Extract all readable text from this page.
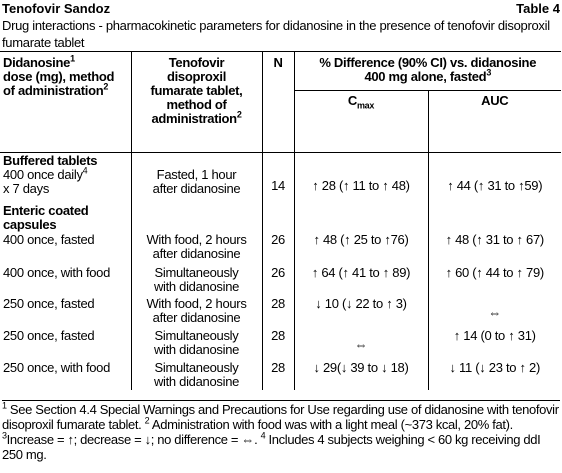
Tenofovir Sandoz	Table 4
Drug interactions - pharmacokinetic parameters for didanosine in the presence of tenofovir disoproxil fumarate tablet
Didanosine$^1$
dose (mg), method
of administration$^2$	Tenofovir
disoproxil
fumarate tablet,
method of
administration$^2$	N	% Difference (90% CI) vs. didanosine
400 mg alone, fasted$^3$
			$C_{max}$	AUC
Buffered tablets				
400 once daily$^4$
x 7 days	Fasted, 1 hour
after didanosine	14	↑ 28 (↑ 11 to ↑ 48)	↑ 44 (↑ 31 to ↑59)
Enteric coated
capsules				
400 once, fasted	With food, 2 hours
after didanosine	26	↑ 48 (↑ 25 to ↑76)	↑ 48 (↑ 31 to ↑ 67)
400 once, with food	Simultaneously
with didanosine	26	↑ 64 (↑ 41 to ↑ 89)	↑ 60 (↑ 44 to ↑ 79)
250 once, fasted	With food, 2 hours
after didanosine	28	↓ 10 (↓ 22 to ↑ 3)	⇔
250 once, fasted	Simultaneously
with didanosine	28	⇔	↑ 14 (0 to ↑ 31)
250 once, with food	Simultaneously
with didanosine	28	↓ 29(↓ 39 to ↓ 18)	↓ 11 (↓ 23 to ↑ 2)
$^1$ See Section 4.4 Special Warnings and Precautions for Use regarding use of didanosine with tenofovir disoproxil fumarate tablet. $^2$ Administration with food was with a light meal (~373 kcal, 20% fat). $^3$Increase = ↑; decrease = ↓; no difference = ⇔. $^4$ Includes 4 subjects weighing < 60 kg receiving ddI 250 mg.
